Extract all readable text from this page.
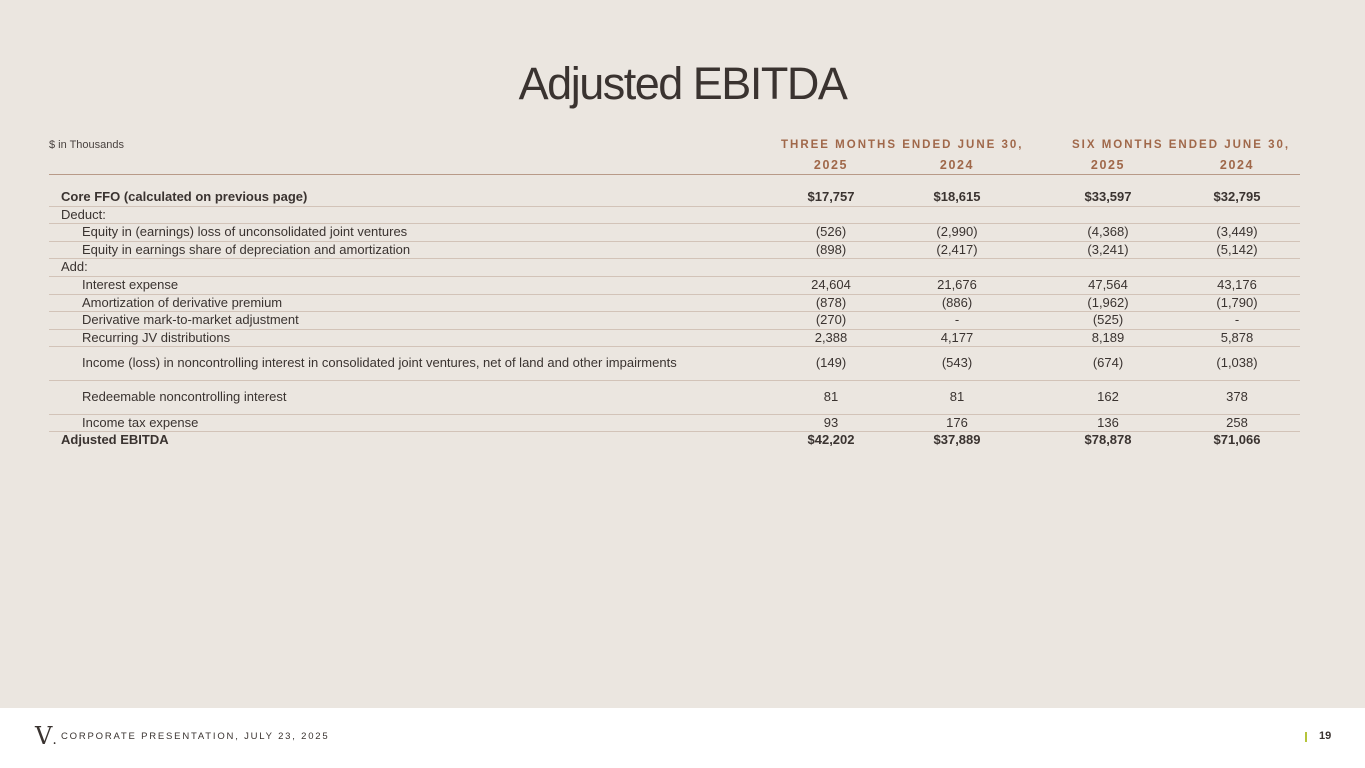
Adjusted EBITDA
$ in Thousands	THREE MONTHS ENDED JUNE 30,	SIX MONTHS ENDED JUNE 30,
2025	2024	2025	2024
Core FFO (calculated on previous page)	$17,757	$18,615	$33,597	$32,795
Deduct:
Equity in (earnings) loss of unconsolidated joint ventures	(526)	(2,990)	(4,368)	(3,449)
Equity in earnings share of depreciation and amortization	(898)	(2,417)	(3,241)	(5,142)
Add:
Interest expense	24,604	21,676	47,564	43,176
Amortization of derivative premium	(878)	(886)	(1,962)	(1,790)
Derivative mark-to-market adjustment	(270)	-	(525)	-
Recurring JV distributions	2,388	4,177	8,189	5,878
Income (loss) in noncontrolling interest in consolidated joint ventures, net of land and other impairments	(149)	(543)	(674)	(1,038)
Redeemable noncontrolling interest	81	81	162	378
Income tax expense	93	176	136	258
Adjusted EBITDA	$42,202	$37,889	$78,878	$71,066
V. CORPORATE PRESENTATION, JULY 23, 2025	19
